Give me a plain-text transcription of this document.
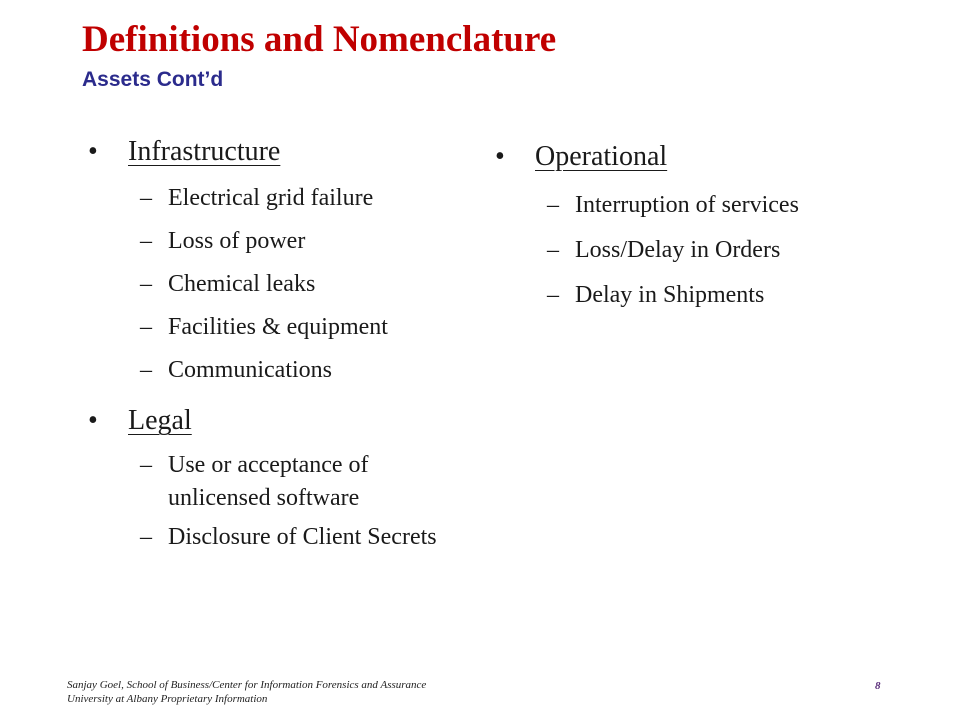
Definitions and Nomenclature
Assets Cont’d
• Infrastructure
– Electrical grid failure
– Loss of power
– Chemical leaks
– Facilities & equipment
– Communications
• Legal
– Use or acceptance of unlicensed software
– Disclosure of Client Secrets
• Operational
– Interruption of services
– Loss/Delay in Orders
– Delay in Shipments
Sanjay Goel, School of Business/Center for Information Forensics and Assurance
University at Albany Proprietary Information
8
